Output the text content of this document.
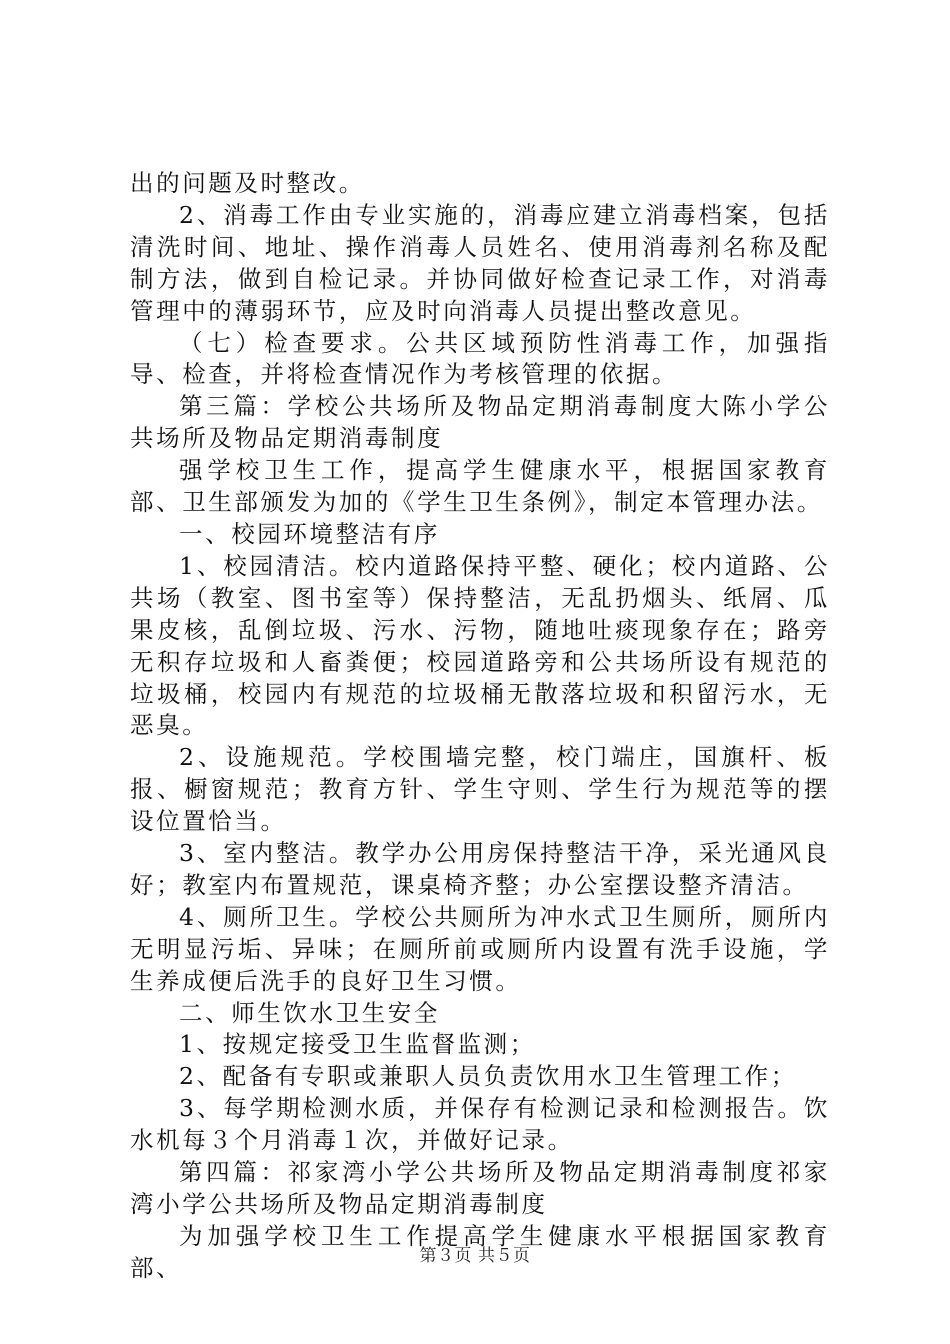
出的问题及时整改。

2、消毒工作由专业实施的，消毒应建立消毒档案，包括清洗时间、地址、操作消毒人员姓名、使用消毒剂名称及配制方法，做到自检记录。并协同做好检查记录工作，对消毒管理中的薄弱环节，应及时向消毒人员提出整改意见。

（七）检查要求。公共区域预防性消毒工作，加强指导、检查，并将检查情况作为考核管理的依据。

第三篇：学校公共场所及物品定期消毒制度大陈小学公共场所及物品定期消毒制度

强学校卫生工作，提高学生健康水平，根据国家教育部、卫生部颁发为加的《学生卫生条例》，制定本管理办法。

一、校园环境整洁有序

1、校园清洁。校内道路保持平整、硬化；校内道路、公共场（教室、图书室等）保持整洁，无乱扔烟头、纸屑、瓜果皮核，乱倒垃圾、污水、污物，随地吐痰现象存在；路旁无积存垃圾和人畜粪便；校园道路旁和公共场所设有规范的垃圾桶，校园内有规范的垃圾桶无散落垃圾和积留污水，无恶臭。

2、设施规范。学校围墙完整，校门端庄，国旗杆、板报、橱窗规范；教育方针、学生守则、学生行为规范等的摆设位置恰当。

3、室内整洁。教学办公用房保持整洁干净，采光通风良好；教室内布置规范，课桌椅齐整；办公室摆设整齐清洁。

4、厕所卫生。学校公共厕所为冲水式卫生厕所，厕所内无明显污垢、异味；在厕所前或厕所内设置有洗手设施，学生养成便后洗手的良好卫生习惯。

二、师生饮水卫生安全

1、按规定接受卫生监督监测；

2、配备有专职或兼职人员负责饮用水卫生管理工作；

3、每学期检测水质，并保存有检测记录和检测报告。饮水机每３个月消毒１次，并做好记录。

第四篇：祁家湾小学公共场所及物品定期消毒制度祁家湾小学公共场所及物品定期消毒制度

为加强学校卫生工作提高学生健康水平根据国家教育部、	第３页 共５页
